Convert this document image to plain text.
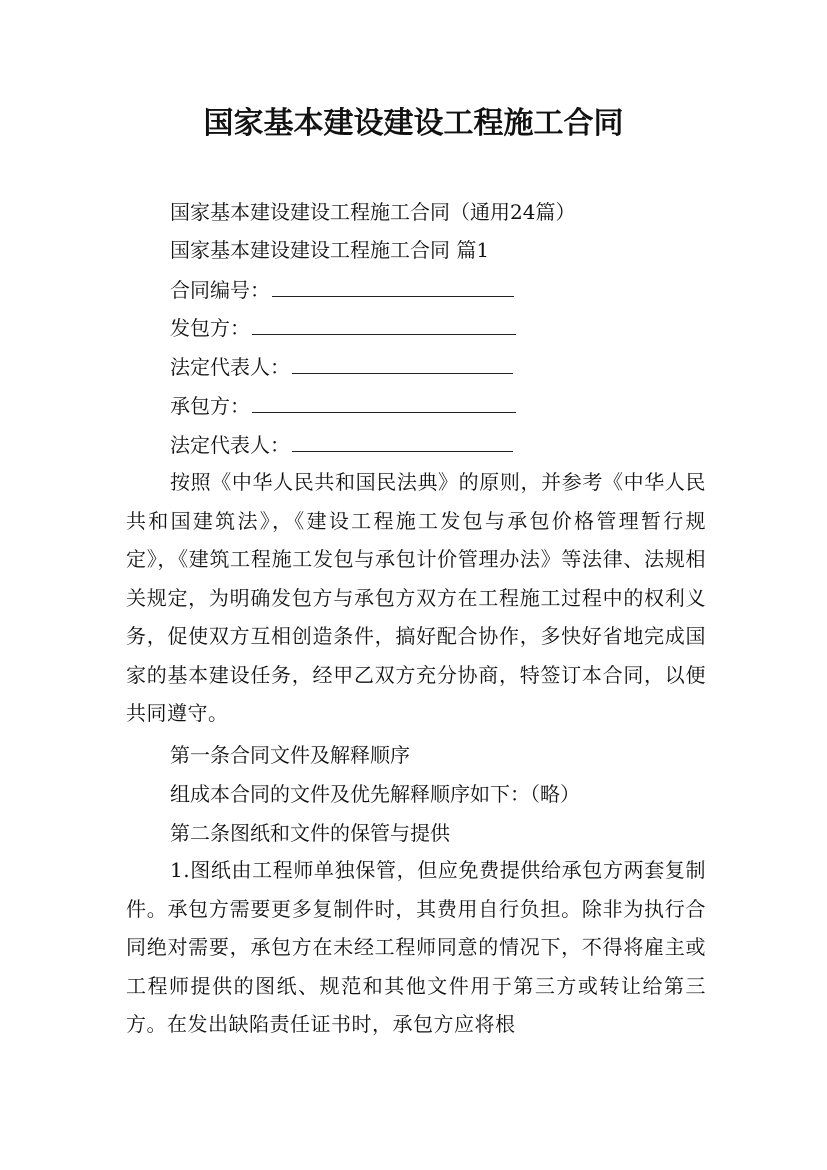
国家基本建设建设工程施工合同
国家基本建设建设工程施工合同（通用24篇）
国家基本建设建设工程施工合同 篇1
合同编号：
发包方：
法定代表人：
承包方：
法定代表人：
按照《中华人民共和国民法典》的原则，并参考《中华人民共和国建筑法》，《建设工程施工发包与承包价格管理暂行规定》，《建筑工程施工发包与承包计价管理办法》等法律、法规相关规定，为明确发包方与承包方双方在工程施工过程中的权利义务，促使双方互相创造条件，搞好配合协作，多快好省地完成国家的基本建设任务，经甲乙双方充分协商，特签订本合同，以便共同遵守。
第一条合同文件及解释顺序
组成本合同的文件及优先解释顺序如下：（略）
第二条图纸和文件的保管与提供
1.图纸由工程师单独保管，但应免费提供给承包方两套复制件。承包方需要更多复制件时，其费用自行负担。除非为执行合同绝对需要，承包方在未经工程师同意的情况下，不得将雇主或工程师提供的图纸、规范和其他文件用于第三方或转让给第三方。在发出缺陷责任证书时，承包方应将根
